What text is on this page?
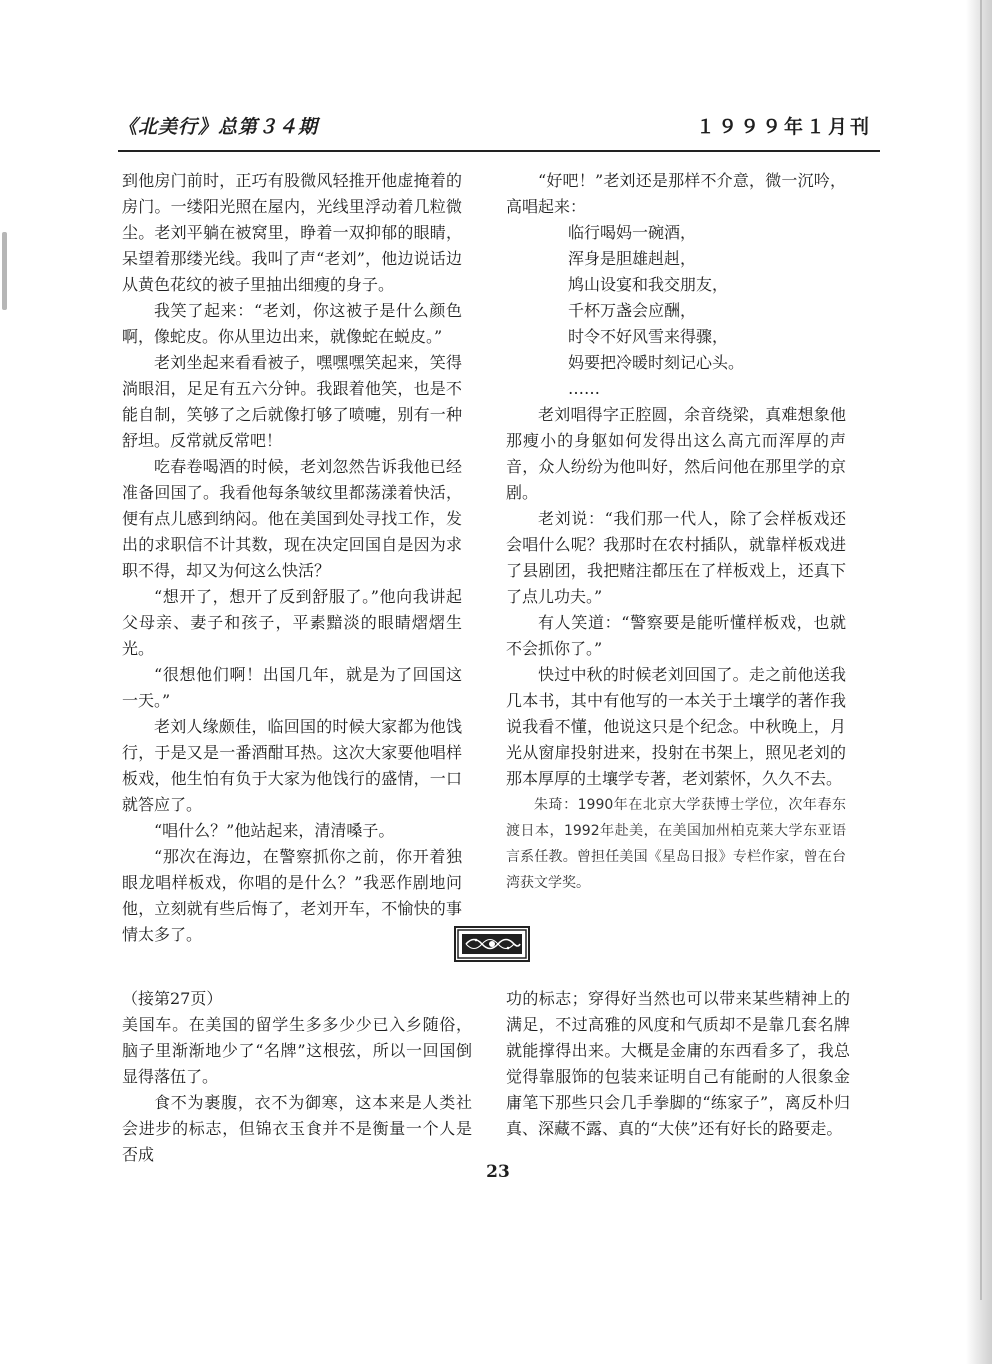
《北美行》总第３４期	１９９９年１月刊

到他房门前时，正巧有股微风轻推开他虚掩着的房门。一缕阳光照在屋内，光线里浮动着几粒微尘。老刘平躺在被窝里，睁着一双抑郁的眼睛，呆望着那缕光线。我叫了声“老刘”，他边说话边从黄色花纹的被子里抽出细瘦的身子。

我笑了起来：“老刘，你这被子是什么颜色啊，像蛇皮。你从里边出来，就像蛇在蜕皮。”

老刘坐起来看看被子，嘿嘿嘿笑起来，笑得淌眼泪，足足有五六分钟。我跟着他笑，也是不能自制，笑够了之后就像打够了喷嚏，别有一种舒坦。反常就反常吧！

吃春卷喝酒的时候，老刘忽然告诉我他已经准备回国了。我看他每条皱纹里都荡漾着快活，便有点儿感到纳闷。他在美国到处寻找工作，发出的求职信不计其数，现在决定回国自是因为求职不得，却又为何这么快活？

“想开了，想开了反到舒服了。”他向我讲起父母亲、妻子和孩子，平素黯淡的眼睛熠熠生光。

“很想他们啊！出国几年，就是为了回国这一天。”

老刘人缘颇佳，临回国的时候大家都为他饯行，于是又是一番酒酣耳热。这次大家要他唱样板戏，他生怕有负于大家为他饯行的盛情，一口就答应了。

“唱什么？”他站起来，清清嗓子。

“那次在海边，在警察抓你之前，你开着独眼龙唱样板戏，你唱的是什么？”我恶作剧地问他，立刻就有些后悔了，老刘开车，不愉快的事情太多了。

“好吧！”老刘还是那样不介意，微一沉吟，高唱起来：

临行喝妈一碗酒，
浑身是胆雄赳赳，
鸠山设宴和我交朋友，
千杯万盏会应酬，
时令不好风雪来得骤，
妈要把冷暖时刻记心头。
……

老刘唱得字正腔圆，余音绕梁，真难想象他那瘦小的身躯如何发得出这么高亢而浑厚的声音，众人纷纷为他叫好，然后问他在那里学的京剧。

老刘说：“我们那一代人，除了会样板戏还会唱什么呢？我那时在农村插队，就靠样板戏进了县剧团，我把赌注都压在了样板戏上，还真下了点儿功夫。”

有人笑道：“警察要是能听懂样板戏，也就不会抓你了。”

快过中秋的时候老刘回国了。走之前他送我几本书，其中有他写的一本关于土壤学的著作我说我看不懂，他说这只是个纪念。中秋晚上，月光从窗扉投射进来，投射在书架上，照见老刘的那本厚厚的土壤学专著，老刘萦怀，久久不去。

朱琦：1990年在北京大学获博士学位，次年春东渡日本，1992年赴美，在美国加州柏克莱大学东亚语言系任教。曾担任美国《星岛日报》专栏作家，曾在台湾获文学奖。

（接第27页）

美国车。在美国的留学生多多少少已入乡随俗，脑子里渐渐地少了“名牌”这根弦，所以一回国倒显得落伍了。

食不为裹腹，衣不为御寒，这本来是人类社会进步的标志，但锦衣玉食并不是衡量一个人是否成

功的标志；穿得好当然也可以带来某些精神上的满足，不过高雅的风度和气质却不是靠几套名牌就能撑得出来。大概是金庸的东西看多了，我总觉得靠服饰的包装来证明自己有能耐的人很象金庸笔下那些只会几手拳脚的“练家子”，离反朴归真、深藏不露、真的“大侠”还有好长的路要走。

23
